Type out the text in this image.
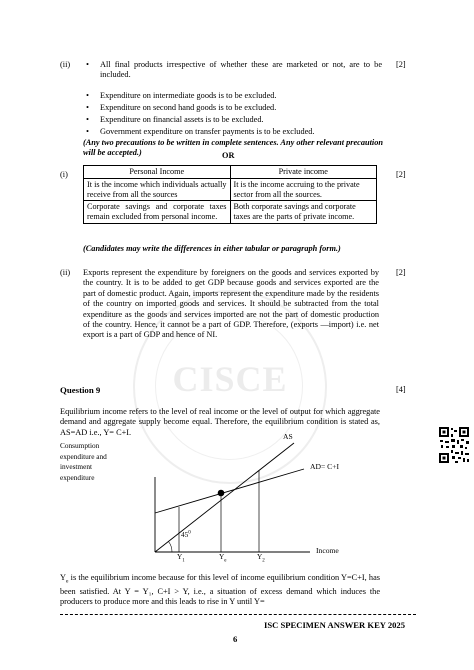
CISCE
(ii)	[2]
• All final products irrespective of whether these are marketed or not, are to be included.
• Expenditure on intermediate goods is to be excluded.
• Expenditure on second hand goods is to be excluded.
• Expenditure on financial assets is to be excluded.
• Government expenditure on transfer payments is to be excluded.
(Any two precautions to be written in complete sentences. Any other relevant precaution will be accepted.)	OR
(i)	[2]
Personal Income	Private income
It is the income which individuals actually receive from all the sources	It is the income accruing to the private sector from all the sources.
Corporate savings and corporate taxes remain excluded from personal income.	Both corporate savings and corporate taxes are the parts of private income.
(Candidates may write the differences in either tabular or paragraph form.)
(ii)	[2]
Exports represent the expenditure by foreigners on the goods and services exported by the country. It is to be added to get GDP because goods and services exported are the part of domestic product. Again, imports represent the expenditure made by the residents of the country on imported goods and services. It should be subtracted from the total expenditure as the goods and services imported are not the part of domestic production of the country. Hence, it cannot be a part of GDP. Therefore, (exports —import) i.e. net export is a part of GDP and hence of NI.
Question 9	[4]
Equilibrium income refers to the level of real income or the level of output for which aggregate demand and aggregate supply become equal. Therefore, the equilibrium condition is stated as, AS=AD i.e., Y= C+I.
Consumption
expenditure and
investment
expenditure
AS
AD= C+I
Income
$45^0$
$Y_1$	$Y_e$	$Y_2$
$Y_e$ is the equilibrium income because for this level of income equilibrium condition Y=C+I, has been satisfied. At Y = Y₁, C+I > Y, i.e., a situation of excess demand which induces the producers to produce more and this leads to rise in Y until Y=
ISC SPECIMEN ANSWER KEY 2025
6
